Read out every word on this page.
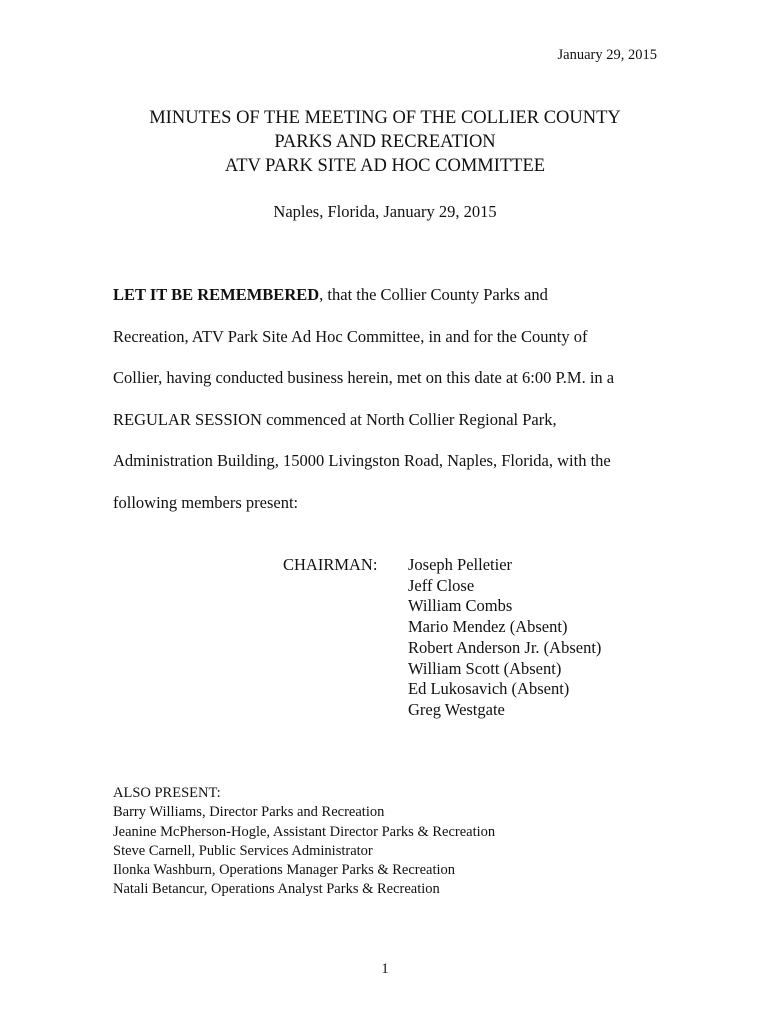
January 29, 2015
MINUTES OF THE MEETING OF THE COLLIER COUNTY
PARKS AND RECREATION
ATV PARK SITE AD HOC COMMITTEE
Naples, Florida, January 29, 2015
LET IT BE REMEMBERED, that the Collier County Parks and
Recreation, ATV Park Site Ad Hoc Committee, in and for the County of
Collier, having conducted business herein, met on this date at 6:00 P.M. in a
REGULAR SESSION commenced at North Collier Regional Park,
Administration Building, 15000 Livingston Road, Naples, Florida, with the
following members present:
CHAIRMAN: Joseph Pelletier
Jeff Close
William Combs
Mario Mendez (Absent)
Robert Anderson Jr. (Absent)
William Scott (Absent)
Ed Lukosavich (Absent)
Greg Westgate
ALSO PRESENT:
Barry Williams, Director Parks and Recreation
Jeanine McPherson-Hogle, Assistant Director Parks & Recreation
Steve Carnell, Public Services Administrator
Ilonka Washburn, Operations Manager Parks & Recreation
Natali Betancur, Operations Analyst Parks & Recreation
1
